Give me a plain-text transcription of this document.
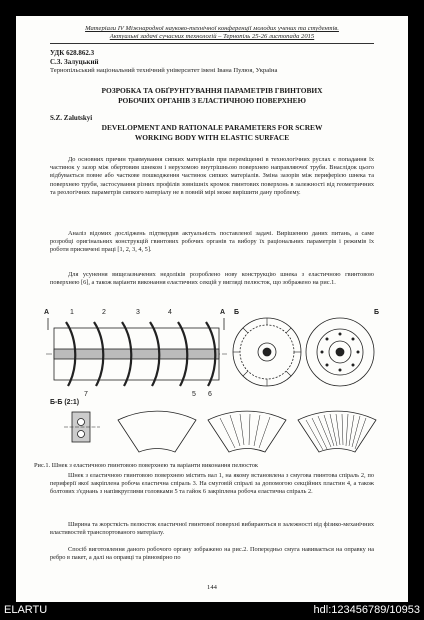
Матеріали IV Міжнародної науково-технічної конференції молодих учених та студентів.
Актуальні задачі сучасних технологій – Тернопіль 25-26 листопада 2015
УДК 628.862.3
С.З. Залуцький
Тернопільський національний технічний університет імені Івана Пулюя, Україна
РОЗРОБКА ТА ОБҐРУНТУВАННЯ ПАРАМЕТРІВ ГВИНТОВИХ
РОБОЧИХ ОРГАНІВ З ЕЛАСТИЧНОЮ ПОВЕРХНЕЮ
S.Z. Zalutskyi
DEVELOPMENT AND RATIONALE PARAMETERS FOR SCREW
WORKING BODY WITH ELASTIC SURFACE
До основних причин травмування сипких матеріалів при переміщенні в технологічних руслах є попадання їх частинок у зазор між обертовим шнеком і нерухомою внутрішньою поверхнею направляючої труби. Внаслідок цього відбувається повне або часткове пошкодження частинок сипких матеріалів. Зміна зазорів між периферією шнека та поверхнею труби, застосування різних профілів зовнішніх кромок гвинтових поверхонь в залежності від геометричних та реологічних параметрів сипкого матеріалу не в повній мірі може вирішити дану проблему.
Аналіз відомих досліджень підтвердив актуальність поставленої задачі. Вирішенню даних питань, а саме розробці оригінальних конструкцій гвинтових робочих органів та вибору їх раціональних параметрів і режимів їх роботи присвячені праці [1, 2, 3, 4, 5].
Для усунення вищезазначених недоліків розроблено нову конструкцію шнека з еластичною гвинтовою поверхнею [6], а також варіанти виконання еластичних секцій у вигляді пелюсток, що зображено на рис.1.
1	2	3	4
5 6
7
A	A Б	Б
Б-Б (2:1)
Рис.1. Шнек з еластичною гвинтовою поверхнею та варіанти виконання пелюсток
Шнек з еластичною гвинтовою поверхнею містить вал 1, на якому встановлена з смугова гвинтова спіраль 2, по периферії якої закріплена робоча еластична спіраль 3. На смуговій спіралі за допомогою секційних пластин 4, а також болтових з'єднань з напівкруглими головками 5 та гайок 6 закріплена робоча еластична спіраль 2.
Ширина та жорсткість пелюсток еластичної гвинтової поверхні вибираються в залежності від фізико-механічних властивостей транспортованого матеріалу.
Спосіб виготовлення даного робочого органу зображено на рис.2. Попередньо смуга навивається на оправку на ребро в пакет, а далі на оправці та рівномірно по
144
ELARTU	hdl:123456789/10953
